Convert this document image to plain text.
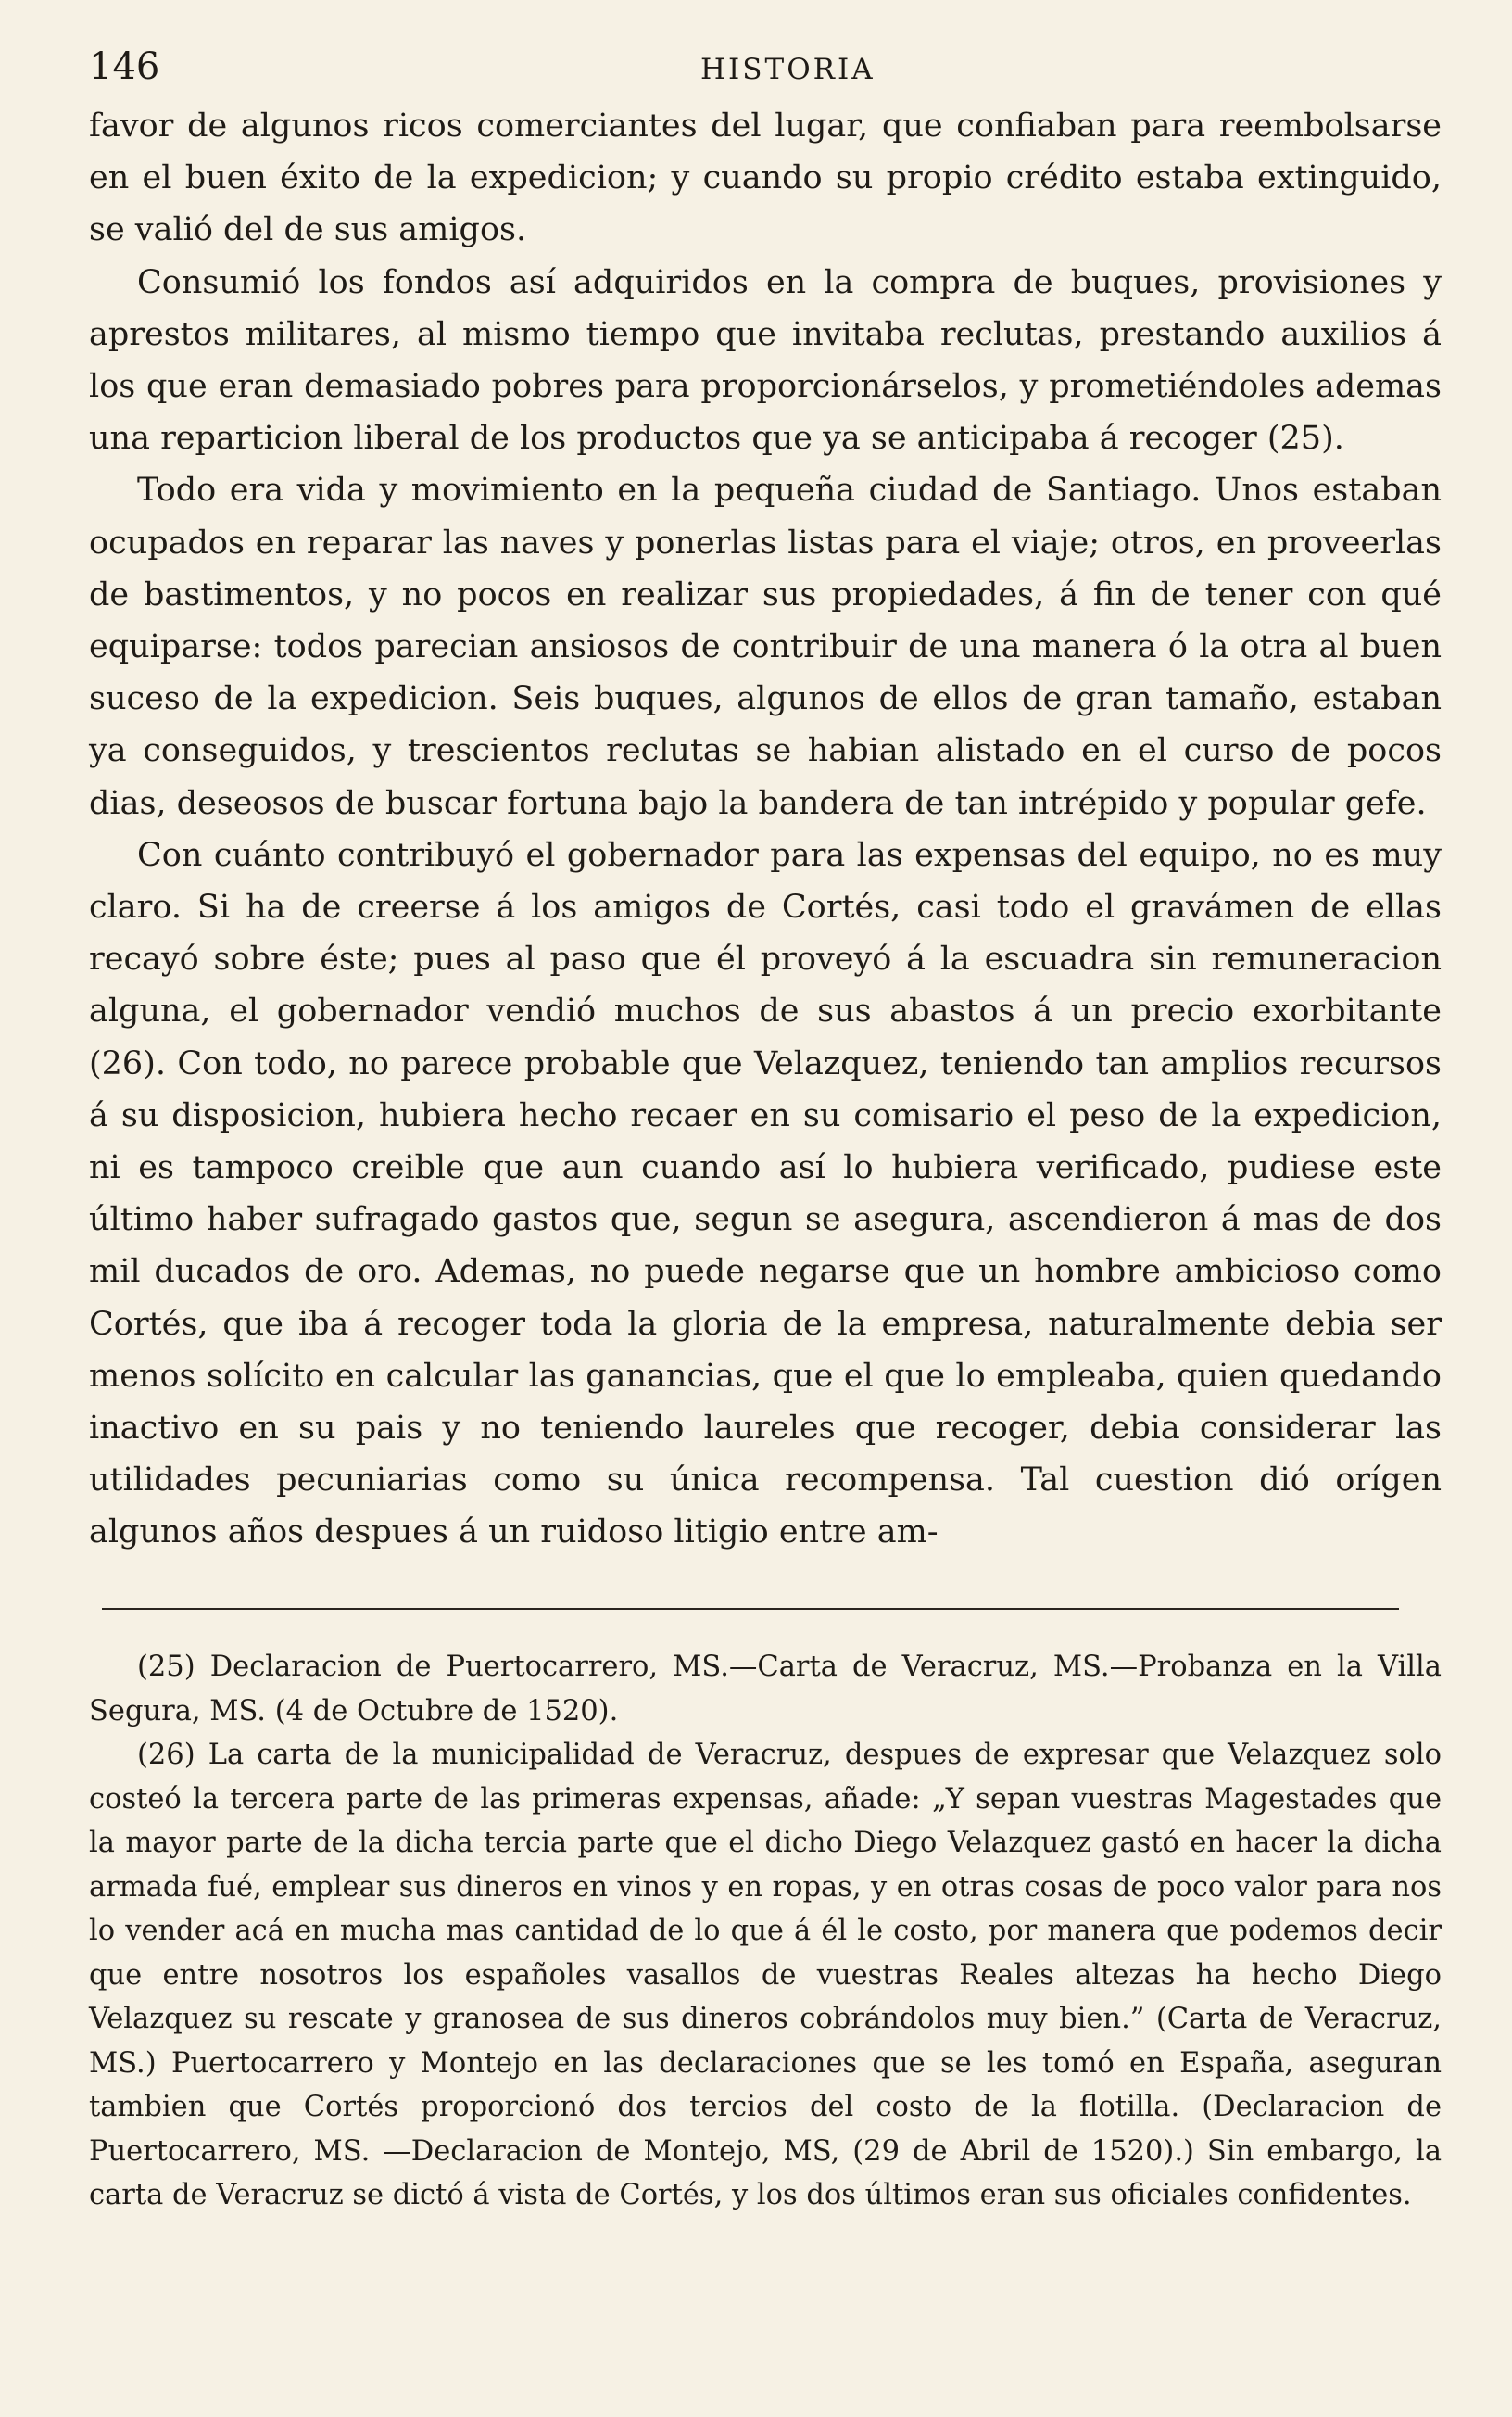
146	HISTORIA

favor de algunos ricos comerciantes del lugar, que confiaban para reembolsarse en el buen éxito de la expedicion; y cuando su propio crédito estaba extinguido, se valió del de sus amigos.

Consumió los fondos así adquiridos en la compra de buques, provisiones y aprestos militares, al mismo tiempo que invitaba reclutas, prestando auxilios á los que eran demasiado pobres para proporcionárselos, y prometiéndoles ademas una reparticion liberal de los productos que ya se anticipaba á recoger (25).

Todo era vida y movimiento en la pequeña ciudad de Santiago. Unos estaban ocupados en reparar las naves y ponerlas listas para el viaje; otros, en proveerlas de bastimentos, y no pocos en realizar sus propiedades, á fin de tener con qué equiparse: todos parecian ansiosos de contribuir de una manera ó la otra al buen suceso de la expedicion. Seis buques, algunos de ellos de gran tamaño, estaban ya conseguidos, y trescientos reclutas se habian alistado en el curso de pocos dias, deseosos de buscar fortuna bajo la bandera de tan intrépido y popular gefe.

Con cuánto contribuyó el gobernador para las expensas del equipo, no es muy claro. Si ha de creerse á los amigos de Cortés, casi todo el gravámen de ellas recayó sobre éste; pues al paso que él proveyó á la escuadra sin remuneracion alguna, el gobernador vendió muchos de sus abastos á un precio exorbitante (26). Con todo, no parece probable que Velazquez, teniendo tan amplios recursos á su disposicion, hubiera hecho recaer en su comisario el peso de la expedicion, ni es tampoco creible que aun cuando así lo hubiera verificado, pudiese este último haber sufragado gastos que, segun se asegura, ascendieron á mas de dos mil ducados de oro. Ademas, no puede negarse que un hombre ambicioso como Cortés, que iba á recoger toda la gloria de la empresa, naturalmente debia ser menos solícito en calcular las ganancias, que el que lo empleaba, quien quedando inactivo en su pais y no teniendo laureles que recoger, debia considerar las utilidades pecuniarias como su única recompensa. Tal cuestion dió orígen algunos años despues á un ruidoso litigio entre am-

(25) Declaracion de Puertocarrero, MS.—Carta de Veracruz, MS.—Probanza en la Villa Segura, MS. (4 de Octubre de 1520).

(26) La carta de la municipalidad de Veracruz, despues de expresar que Velazquez solo costeó la tercera parte de las primeras expensas, añade: „Y sepan vuestras Magestades que la mayor parte de la dicha tercia parte que el dicho Diego Velazquez gastó en hacer la dicha armada fué, emplear sus dineros en vinos y en ropas, y en otras cosas de poco valor para nos lo vender acá en mucha mas cantidad de lo que á él le costo, por manera que podemos decir que entre nosotros los españoles vasallos de vuestras Reales altezas ha hecho Diego Velazquez su rescate y granosea de sus dineros cobrándolos muy bien.” (Carta de Veracruz, MS.) Puertocarrero y Montejo en las declaraciones que se les tomó en España, aseguran tambien que Cortés proporcionó dos tercios del costo de la flotilla. (Declaracion de Puertocarrero, MS. —Declaracion de Montejo, MS, (29 de Abril de 1520).) Sin embargo, la carta de Veracruz se dictó á vista de Cortés, y los dos últimos eran sus oficiales confidentes.
